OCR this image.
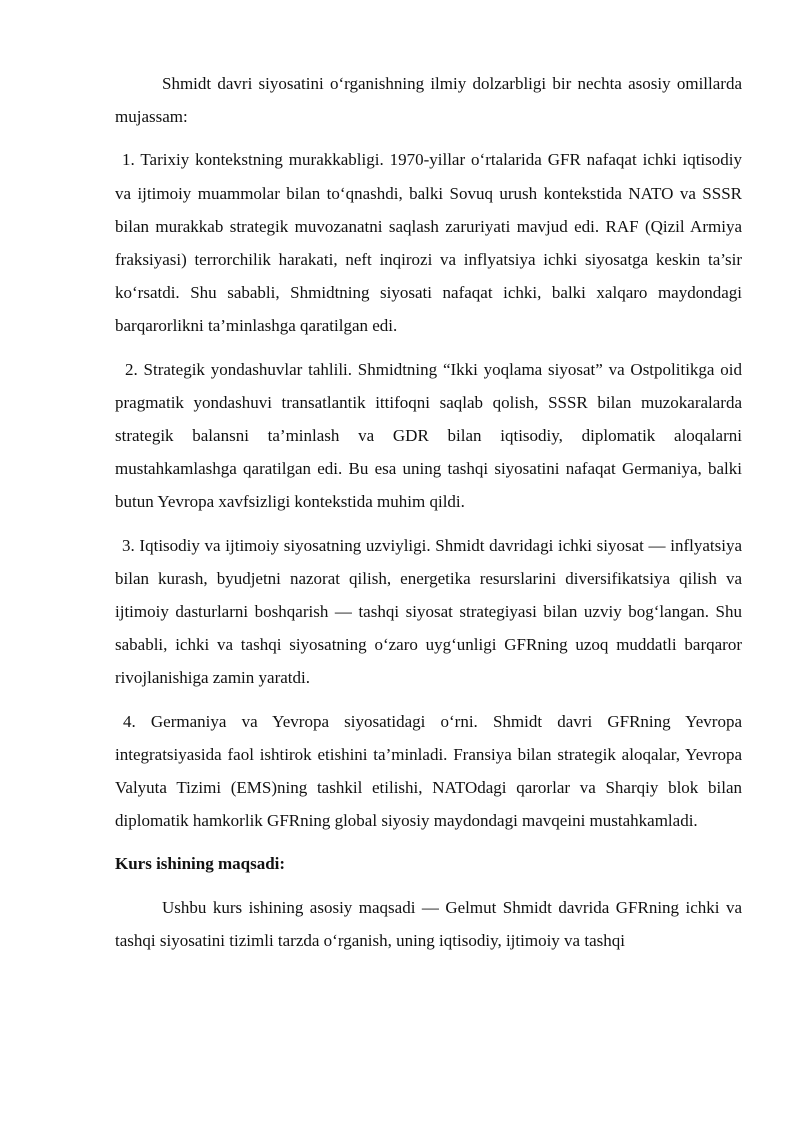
Shmidt davri siyosatini o‘rganishning ilmiy dolzarbligi bir nechta asosiy omillarda mujassam:

1. Tarixiy kontekstning murakkabligi. 1970-yillar o‘rtalarida GFR nafaqat ichki iqtisodiy va ijtimoiy muammolar bilan to‘qnashdi, balki Sovuq urush kontekstida NATO va SSSR bilan murakkab strategik muvozanatni saqlash zaruriyati mavjud edi. RAF (Qizil Armiya fraksiyasi) terrorchilik harakati, neft inqirozi va inflyatsiya ichki siyosatga keskin ta’sir ko‘rsatdi. Shu sababli, Shmidtning siyosati nafaqat ichki, balki xalqaro maydondagi barqarorlikni ta’minlashga qaratilgan edi.

2. Strategik yondashuvlar tahlili. Shmidtning “Ikki yoqlama siyosat” va Ostpolitikga oid pragmatik yondashuvi transatlantik ittifoqni saqlab qolish, SSSR bilan muzokaralarda strategik balansni ta’minlash va GDR bilan iqtisodiy, diplomatik aloqalarni mustahkamlashga qaratilgan edi. Bu esa uning tashqi siyosatini nafaqat Germaniya, balki butun Yevropa xavfsizligi kontekstida muhim qildi.

3. Iqtisodiy va ijtimoiy siyosatning uzviyligi. Shmidt davridagi ichki siyosat — inflyatsiya bilan kurash, byudjetni nazorat qilish, energetika resurslarini diversifikatsiya qilish va ijtimoiy dasturlarni boshqarish — tashqi siyosat strategiyasi bilan uzviy bog‘langan. Shu sababli, ichki va tashqi siyosatning o‘zaro uyg‘unligi GFRning uzoq muddatli barqaror rivojlanishiga zamin yaratdi.

4. Germaniya va Yevropa siyosatidagi o‘rni. Shmidt davri GFRning Yevropa integratsiyasida faol ishtirok etishini ta’minladi. Fransiya bilan strategik aloqalar, Yevropa Valyuta Tizimi (EMS)ning tashkil etilishi, NATOdagi qarorlar va Sharqiy blok bilan diplomatik hamkorlik GFRning global siyosiy maydondagi mavqeini mustahkamladi.

Kurs ishining maqsadi:

Ushbu kurs ishining asosiy maqsadi — Gelmut Shmidt davrida GFRning ichki va tashqi siyosatini tizimli tarzda o‘rganish, uning iqtisodiy, ijtimoiy va tashqi
